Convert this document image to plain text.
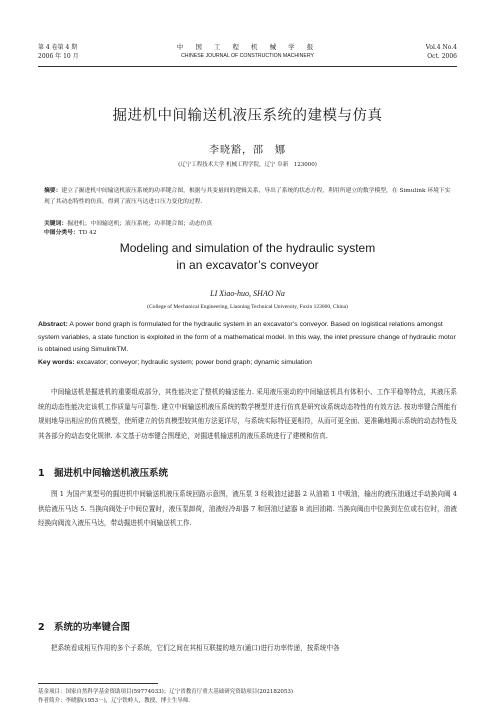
第 4 卷第 4 期
2006 年 10 月
中 国 工 程 机 械 学 报
CHINESE JOURNAL OF CONSTRUCTION MACHINERY
Vol.4 No.4
Oct. 2006
掘进机中间输送机液压系统的建模与仿真
李晓豁，邵　娜
(辽宁工程技术大学 机械工程学院，辽宁 阜新　123000)
摘要：建立了掘进机中间输送机液压系统的功率键合图，根据与其变量间的逻辑关系，导出了系统的状态方程，利用所建立的数学模型，在 Simulink 环境下实现了其动态特性的仿真，得到了液压马达进口压力变化的过程.
关键词：掘进机；中间输送机；液压系统；功率键合图；动态仿真
中图分类号：TD 42
Modeling and simulation of the hydraulic system
in an excavator’s conveyor
LI Xiao-huo, SHAO Na
(College of Mechanical Engineering, Liaoning Technical University, Fuxin 123000, China)
Abstract: A power bond graph is formulated for the hydraulic system in an excavator’s conveyor. Based on logistical relations amongst system variables, a state function is exploited in the form of a mathematical model. In this way, the inlet pressure change of hydraulic motor is obtained using SimulinkTM.
Key words: excavator; conveyor; hydraulic system; power bond graph; dynamic simulation
中间输送机是掘进机的重要组成部分，其性能决定了整机的输送能力. 采用液压驱动的中间输送机具有体积小、工作平稳等特点，其液压系统的动态性能决定该机工作质量与可靠性. 建立中间输送机液压系统的数学模型并进行仿真是研究该系统动态特性的有效方法. 按功率键合图能有规则地导出相应的仿真模型，使所建立的仿真模型较其他方法更详尽，与系统实际特征更相符，从而可更全面、更准确地揭示系统的动态特性及其各部分的动态变化规律. 本文基于功率键合图理论，对掘进机输送机的液压系统进行了建模和仿真.
1 掘进机中间输送机液压系统
图 1 为国产某型号的掘进机中间输送机液压系统回路示意图，液压泵 3 经吸油过滤器 2 从油箱 1 中吸油，输出的液压油通过手动换向阀 4 供给液压马达 5. 当换向阀处于中间位置时，液压泵卸荷，油液经冷却器 7 和回油过滤器 8 流回油箱. 当换向阀由中位换到左位或右位时，油液经换向阀流入液压马达，带动掘进机中间输送机工作.
2 系统的功率键合图
把系统看成相互作用的多个子系统，它们之间在其相互联接的地方(通口)进行功率传递，按系统中各
基金项目：国家自然科学基金资助项目(59774033)；辽宁省教育厅重大基础研究资助项目(202182053)
作者简介：李晓豁(1953－)，辽宁铁岭人，教授，博士生导师.
